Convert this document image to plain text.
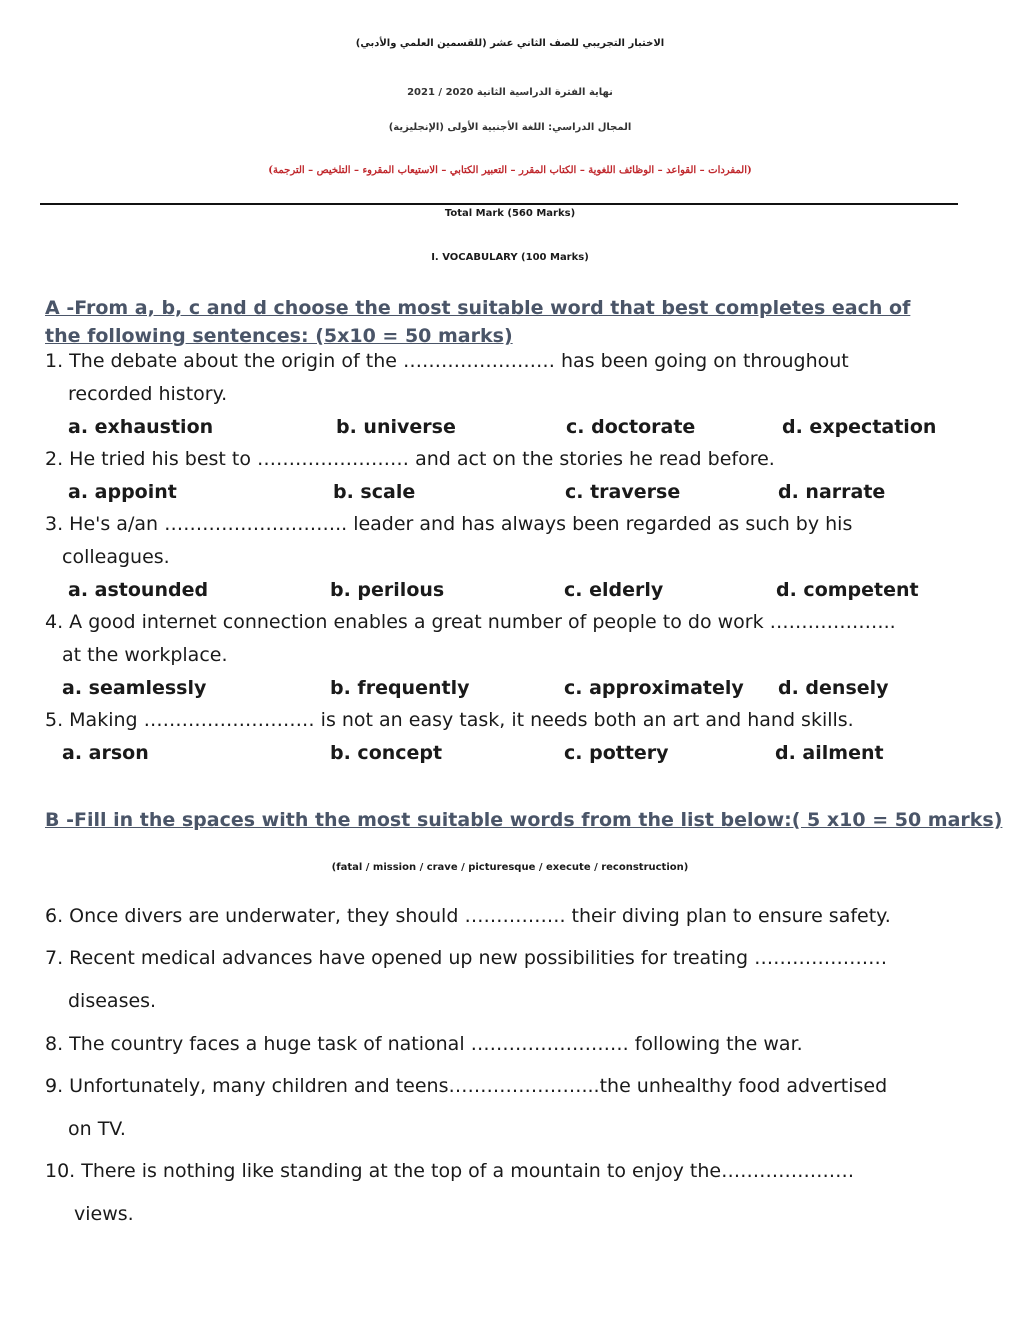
الاختبار التجريبي للصف الثاني عشر (للقسمين العلمي والأدبي)
نهاية الفترة الدراسية الثانية 2020 / 2021
المجال الدراسي: اللغة الأجنبية الأولى (الإنجليزية)
(المفردات – القواعد – الوظائف اللغوية – الكتاب المقرر – التعبير الكتابي – الاستيعاب المقروء – التلخيص – الترجمة)
Total Mark (560 Marks)
I. VOCABULARY (100 Marks)

A -From a, b, c and d choose the most suitable word that best completes each of the following sentences: (5x10 = 50 marks)

1. The debate about the origin of the …………………… has been going on throughout
recorded history.
a. exhaustion	b. universe	c. doctorate	d. expectation
2. He tried his best to …………………… and act on the stories he read before.
a. appoint	b. scale	c. traverse	d. narrate
3. He's a/an ……………………….. leader and has always been regarded as such by his
colleagues.
a. astounded	b. perilous	c. elderly	d. competent
4. A good internet connection enables a great number of people to do work ………………..
at the workplace.
a. seamlessly	b. frequently	c. approximately d. densely
5. Making ……………………… is not an easy task, it needs both an art and hand skills.
a. arson	b. concept	c. pottery	d. ailment

B -Fill in the spaces with the most suitable words from the list below:( 5 x10 = 50 marks)

(fatal / mission / crave / picturesque / execute / reconstruction)
6. Once divers are underwater, they should ……………. their diving plan to ensure safety.
7. Recent medical advances have opened up new possibilities for treating …………………
diseases.
8. The country faces a huge task of national ……………………. following the war.
9. Unfortunately, many children and teens…………………...the unhealthy food advertised
on TV.
10. There is nothing like standing at the top of a mountain to enjoy the…………………
views.
